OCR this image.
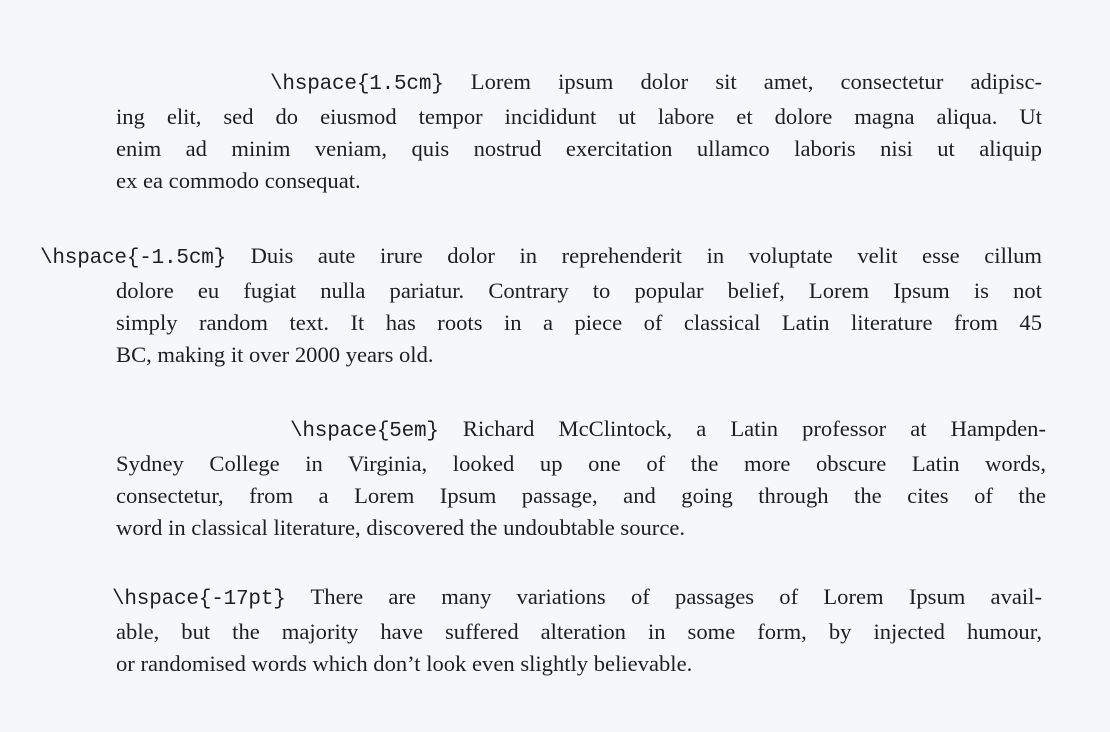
\hspace{1.5cm} Lorem ipsum dolor sit amet, consectetur adipisc-
ing elit, sed do eiusmod tempor incididunt ut labore et dolore magna aliqua. Ut
enim ad minim veniam, quis nostrud exercitation ullamco laboris nisi ut aliquip
ex ea commodo consequat.
\hspace{-1.5cm} Duis aute irure dolor in reprehenderit in voluptate velit esse cillum
dolore eu fugiat nulla pariatur. Contrary to popular belief, Lorem Ipsum is not
simply random text. It has roots in a piece of classical Latin literature from 45
BC, making it over 2000 years old.
\hspace{5em} Richard McClintock, a Latin professor at Hampden-
Sydney College in Virginia, looked up one of the more obscure Latin words,
consectetur, from a Lorem Ipsum passage, and going through the cites of the
word in classical literature, discovered the undoubtable source.
\hspace{-17pt} There are many variations of passages of Lorem Ipsum avail-
able, but the majority have suffered alteration in some form, by injected humour,
or randomised words which don’t look even slightly believable.
